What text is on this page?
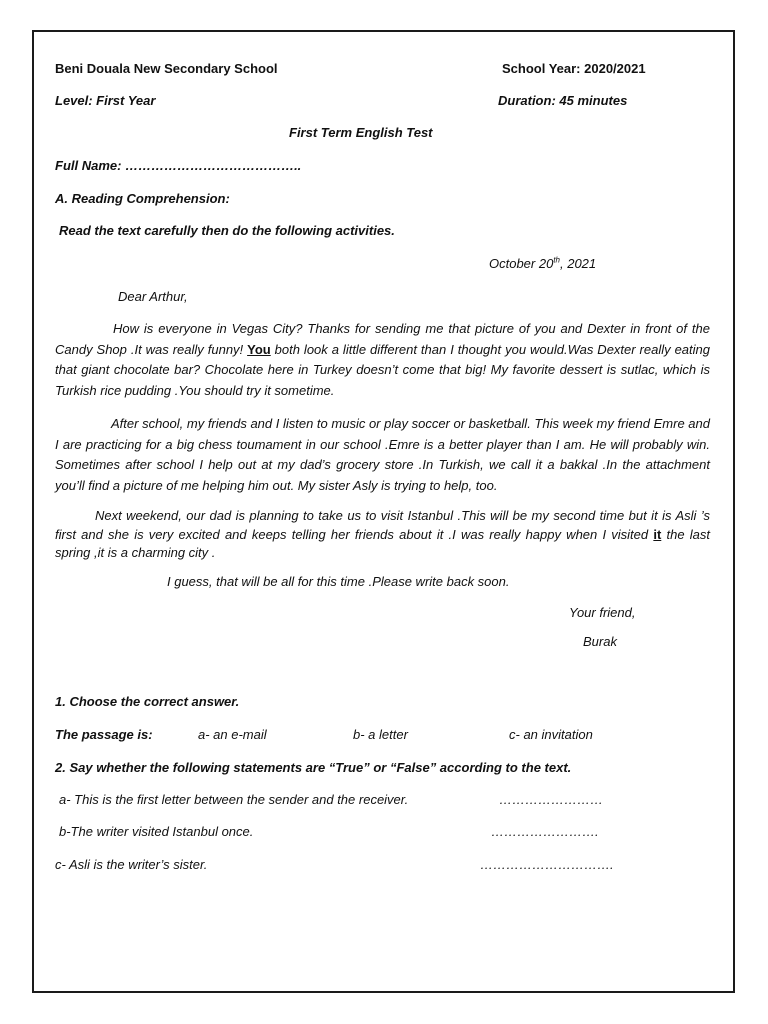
Beni Douala New Secondary School	School Year: 2020/2021
Level: First Year	Duration: 45 minutes
First Term English Test
Full Name: …………………………………..
A. Reading Comprehension:
Read the text carefully then do the following activities.
October 20th, 2021
Dear Arthur,
How is everyone in Vegas City? Thanks for sending me that picture of you and Dexter in front of the Candy Shop .It was really funny! You both look a little different than I thought you would.Was Dexter really eating that giant chocolate bar? Chocolate here in Turkey doesn’t come that big! My favorite dessert is sutlac, which is Turkish rice pudding .You should try it sometime.
After school, my friends and I listen to music or play soccer or basketball. This week my friend Emre and I are practicing for a big chess toumament in our school .Emre is a better player than I am. He will probably win. Sometimes after school I help out at my dad’s grocery store .In Turkish, we call it a bakkal .In the attachment you’ll find a picture of me helping him out. My sister Asly is trying to help, too.
Next weekend, our dad is planning to take us to visit Istanbul .This will be my second time but it is Asli ’s first and she is very excited and keeps telling her friends about it .I was really happy when I visited it the last spring ,it is a charming city .
I guess, that will be all for this time .Please write back soon.
Your friend,
Burak
1. Choose the correct answer.
The passage is:	a- an e-mail	b- a letter	c- an invitation
2. Say whether the following statements are “True” or “False” according to the text.
a- This is the first letter between the sender and the receiver.	……………………
b-The writer visited Istanbul once.	…………………….
c- Asli is the writer’s sister.	………………………….
